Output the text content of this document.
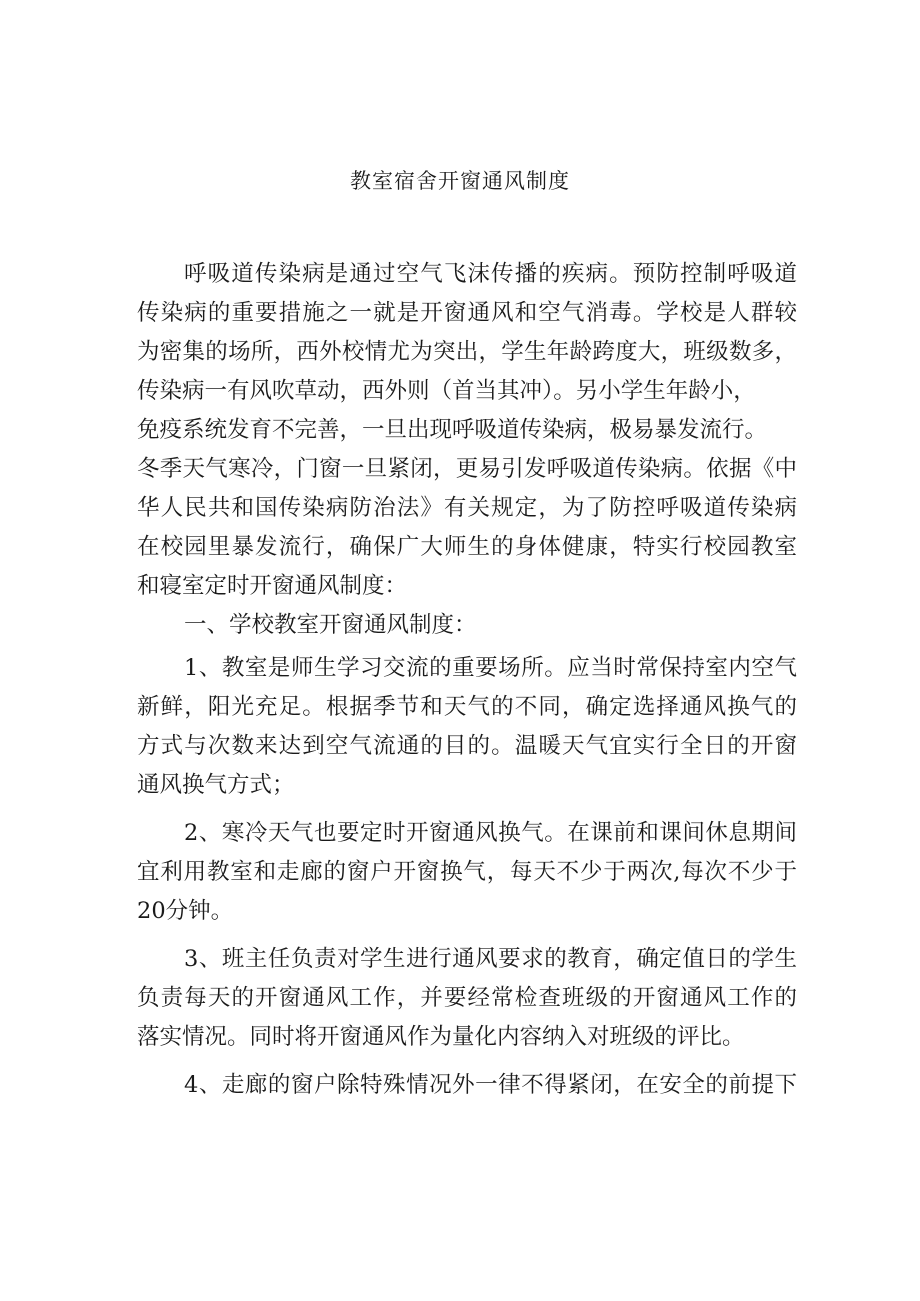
教室宿舍开窗通风制度
呼吸道传染病是通过空气飞沫传播的疾病。预防控制呼吸道
传染病的重要措施之一就是开窗通风和空气消毒。学校是人群较
为密集的场所，西外校情尤为突出，学生年龄跨度大，班级数多，
传染病一有风吹草动，西外则（首当其冲）。另小学生年龄小，
免疫系统发育不完善，一旦出现呼吸道传染病，极易暴发流行。
冬季天气寒冷，门窗一旦紧闭，更易引发呼吸道传染病。依据《中
华人民共和国传染病防治法》有关规定，为了防控呼吸道传染病
在校园里暴发流行，确保广大师生的身体健康，特实行校园教室
和寝室定时开窗通风制度：
一、学校教室开窗通风制度：
1、教室是师生学习交流的重要场所。应当时常保持室内空气
新鲜，阳光充足。根据季节和天气的不同，确定选择通风换气的
方式与次数来达到空气流通的目的。温暖天气宜实行全日的开窗
通风换气方式；
2、寒冷天气也要定时开窗通风换气。在课前和课间休息期间
宜利用教室和走廊的窗户开窗换气，每天不少于两次,每次不少于
20分钟。
3、班主任负责对学生进行通风要求的教育，确定值日的学生
负责每天的开窗通风工作，并要经常检查班级的开窗通风工作的
落实情况。同时将开窗通风作为量化内容纳入对班级的评比。
4、走廊的窗户除特殊情况外一律不得紧闭，在安全的前提下
